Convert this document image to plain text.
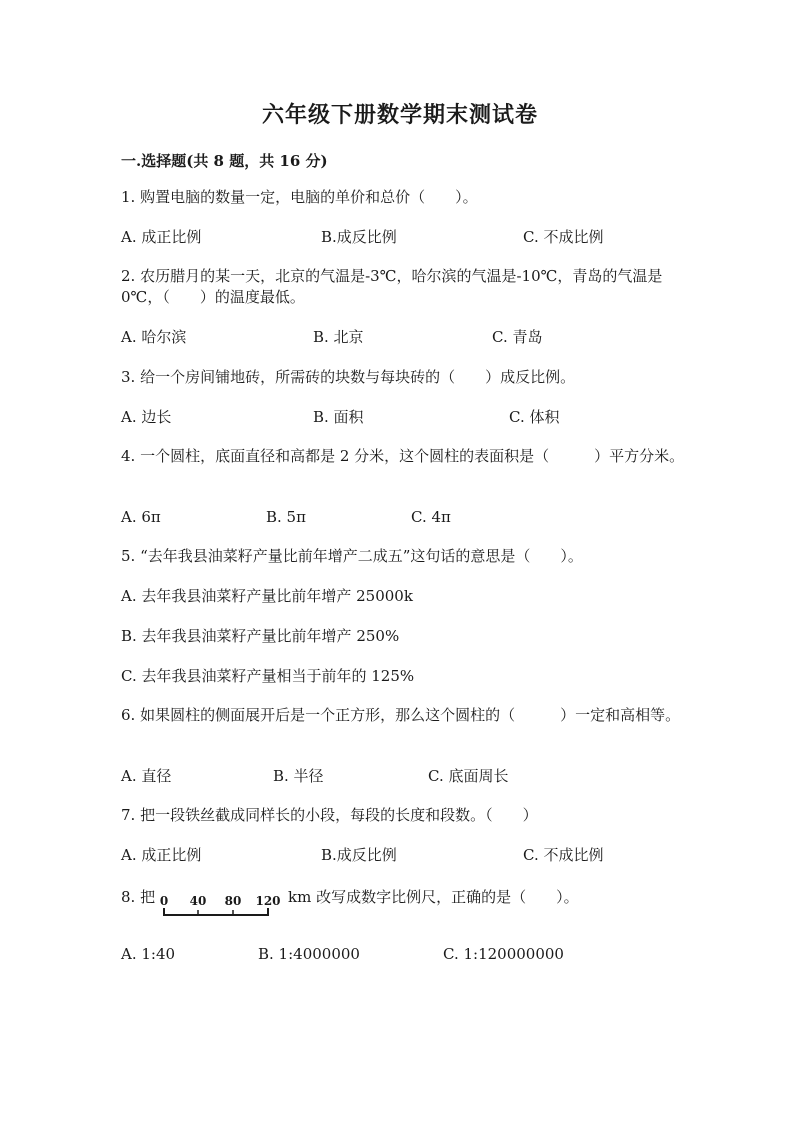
六年级下册数学期末测试卷
一.选择题(共 8 题，共 16 分)
1. 购置电脑的数量一定，电脑的单价和总价（　　）。
A. 成正比例	B.成反比例	C. 不成比例
2. 农历腊月的某一天，北京的气温是-3℃，哈尔滨的气温是-10℃，青岛的气温是 0℃，（　　）的温度最低。
A. 哈尔滨	B. 北京	C. 青岛
3. 给一个房间铺地砖，所需砖的块数与每块砖的（　　）成反比例。
A. 边长	B. 面积	C. 体积
4. 一个圆柱，底面直径和高都是 2 分米，这个圆柱的表面积是（　　　）平方分米。
A. 6π	B. 5π	C. 4π
5. “去年我县油菜籽产量比前年增产二成五”这句话的意思是（　　）。
A. 去年我县油菜籽产量比前年增产 25000k
B. 去年我县油菜籽产量比前年增产 250%
C. 去年我县油菜籽产量相当于前年的 125%
6. 如果圆柱的侧面展开后是一个正方形，那么这个圆柱的（　　　）一定和高相等。
A. 直径	B. 半径	C. 底面周长
7. 把一段铁丝截成同样长的小段，每段的长度和段数。（　　）
A. 成正比例	B.成反比例	C. 不成比例
8. 把 0 40 80 120 km 改写成数字比例尺，正确的是（　　）。
A. 1:40	B. 1:4000000	C. 1:120000000
